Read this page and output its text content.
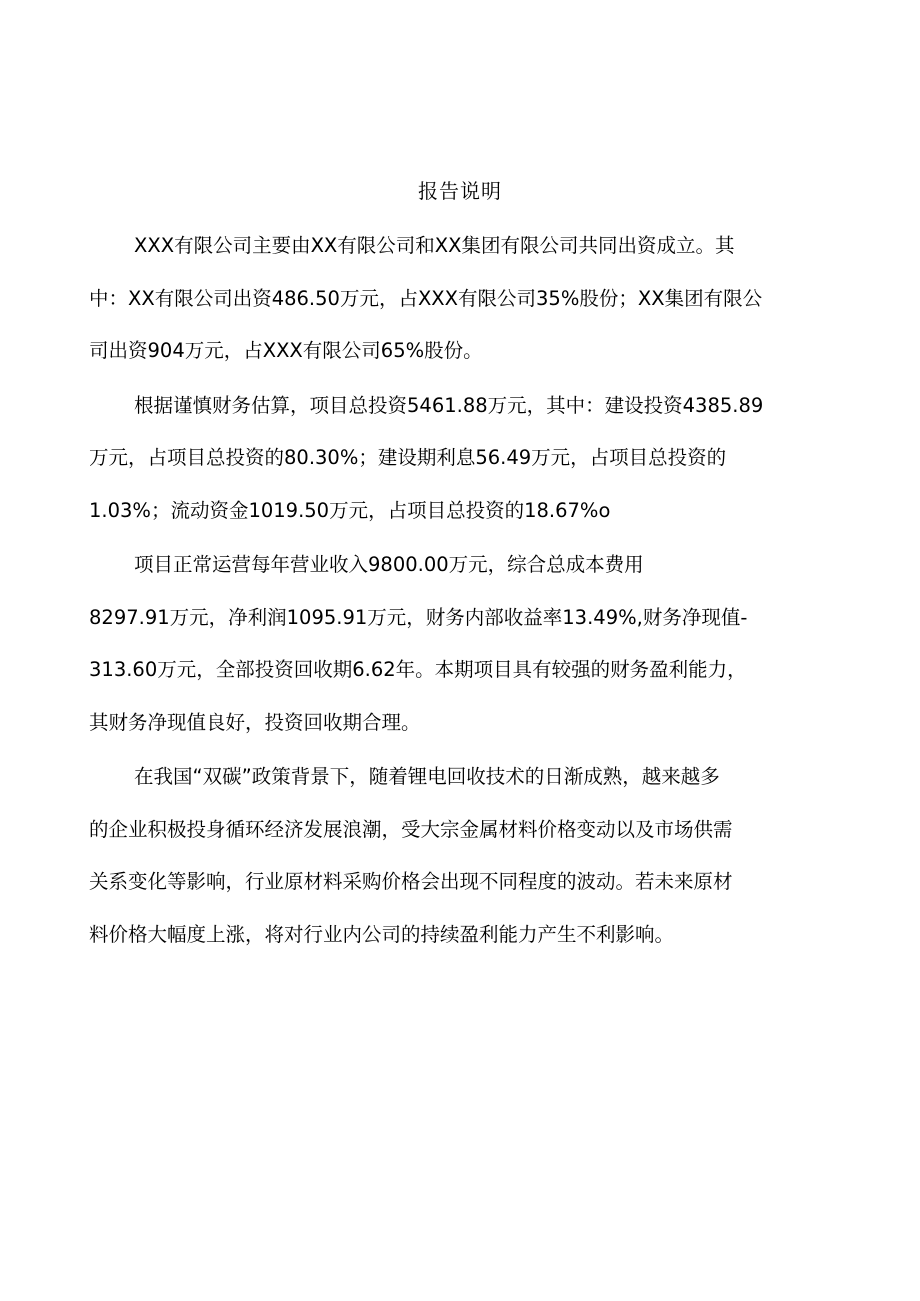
报告说明
XXX有限公司主要由XX有限公司和XX集团有限公司共同出资成立。其
中：XX有限公司出资486.50万元，占XXX有限公司35%股份；XX集团有限公
司出资904万元，占XXX有限公司65%股份。
根据谨慎财务估算，项目总投资5461.88万元，其中：建设投资4385.89
万元，占项目总投资的80.30%；建设期利息56.49万元，占项目总投资的
1.03%；流动资金1019.50万元，占项目总投资的18.67%o
项目正常运营每年营业收入9800.00万元，综合总成本费用
8297.91万元，净利润1095.91万元，财务内部收益率13.49%,财务净现值-
313.60万元，全部投资回收期6.62年。本期项目具有较强的财务盈利能力，
其财务净现值良好，投资回收期合理。
在我国“双碳”政策背景下，随着锂电回收技术的日渐成熟，越来越多
的企业积极投身循环经济发展浪潮，受大宗金属材料价格变动以及市场供需
关系变化等影响，行业原材料采购价格会出现不同程度的波动。若未来原材
料价格大幅度上涨，将对行业内公司的持续盈利能力产生不利影响。
